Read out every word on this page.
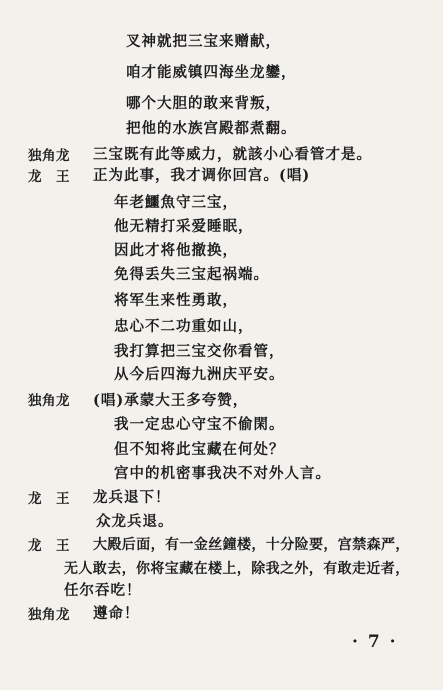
叉神就把三宝来赠献，
咱才能威镇四海坐龙鑾，
哪个大胆的敢来背叛，
把他的水族宫殿都煮翻。
独角龙 三宝既有此等威力，就該小心看管才是。
龙　王 正为此事，我才调你回宫。(唱)
年老鱷魚守三宝，
他无精打采爱睡眠，
因此才将他撤换，
免得丢失三宝起祸端。
将军生来性勇敢，
忠心不二功重如山，
我打算把三宝交你看管，
从今后四海九洲庆平安。
独角龙 (唱)承蒙大王多夸赞，
我一定忠心守宝不偷閑。
但不知将此宝藏在何处？
宫中的机密事我决不对外人言。
龙　王 龙兵退下！
众龙兵退。
龙　王 大殿后面，有一金丝鐘楼，十分险要，宫禁森严，
无人敢去，你将宝藏在楼上，除我之外，有敢走近者，
任尔吞吃！
独角龙 遵命！
· 7 ·
